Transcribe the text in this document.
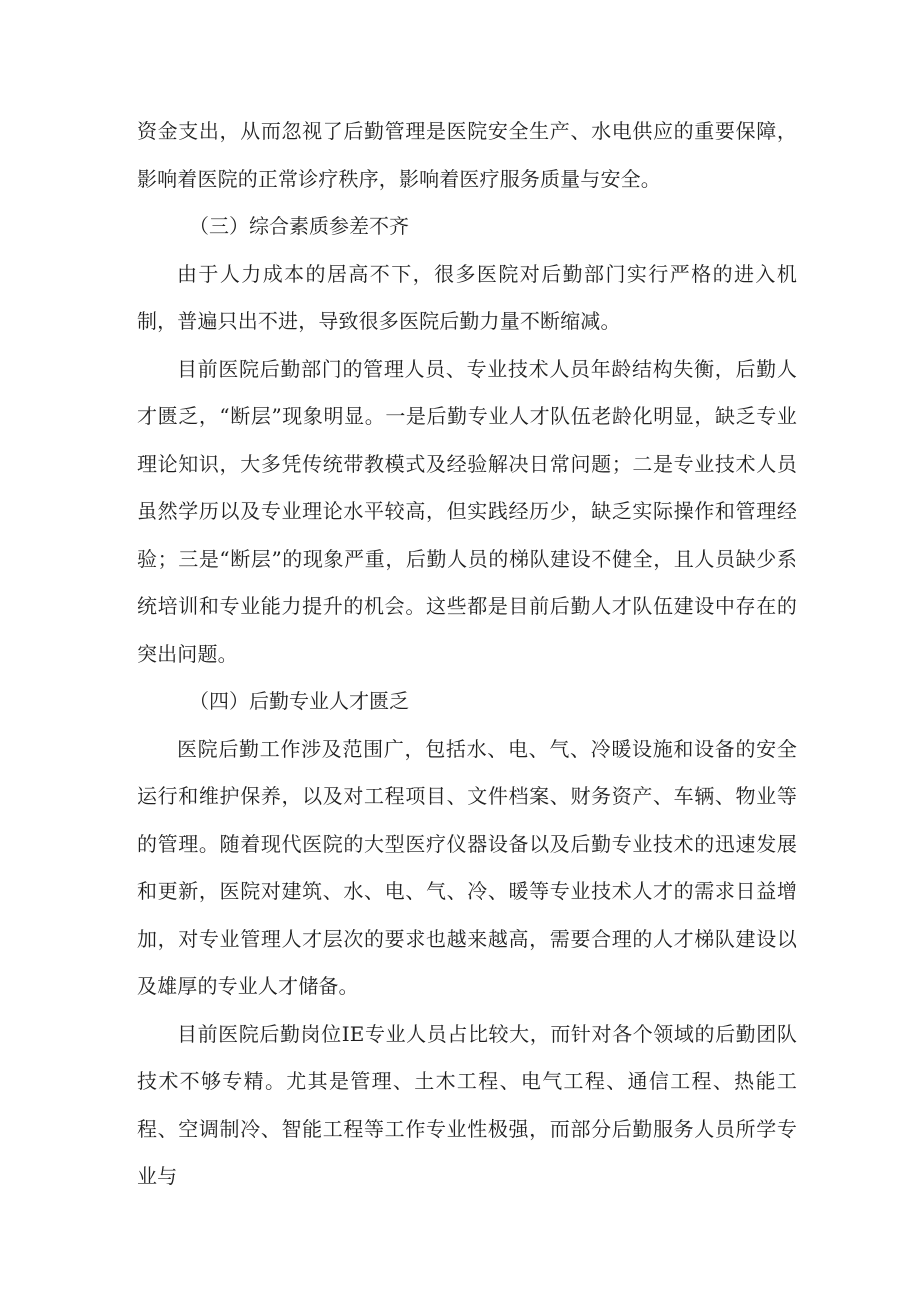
资金支出，从而忽视了后勤管理是医院安全生产、水电供应的重要保障，影响着医院的正常诊疗秩序，影响着医疗服务质量与安全。

（三）综合素质参差不齐

由于人力成本的居高不下，很多医院对后勤部门实行严格的进入机制，普遍只出不进，导致很多医院后勤力量不断缩减。

目前医院后勤部门的管理人员、专业技术人员年龄结构失衡，后勤人才匮乏，“断层”现象明显。一是后勤专业人才队伍老龄化明显，缺乏专业理论知识，大多凭传统带教模式及经验解决日常问题；二是专业技术人员虽然学历以及专业理论水平较高，但实践经历少，缺乏实际操作和管理经验；三是“断层”的现象严重，后勤人员的梯队建设不健全，且人员缺少系统培训和专业能力提升的机会。这些都是目前后勤人才队伍建设中存在的突出问题。

（四）后勤专业人才匮乏

医院后勤工作涉及范围广，包括水、电、气、冷暖设施和设备的安全运行和维护保养，以及对工程项目、文件档案、财务资产、车辆、物业等的管理。随着现代医院的大型医疗仪器设备以及后勤专业技术的迅速发展和更新，医院对建筑、水、电、气、冷、暖等专业技术人才的需求日益增加，对专业管理人才层次的要求也越来越高，需要合理的人才梯队建设以及雄厚的专业人才储备。

目前医院后勤岗位IE专业人员占比较大，而针对各个领域的后勤团队技术不够专精。尤其是管理、土木工程、电气工程、通信工程、热能工程、空调制冷、智能工程等工作专业性极强，而部分后勤服务人员所学专业与
